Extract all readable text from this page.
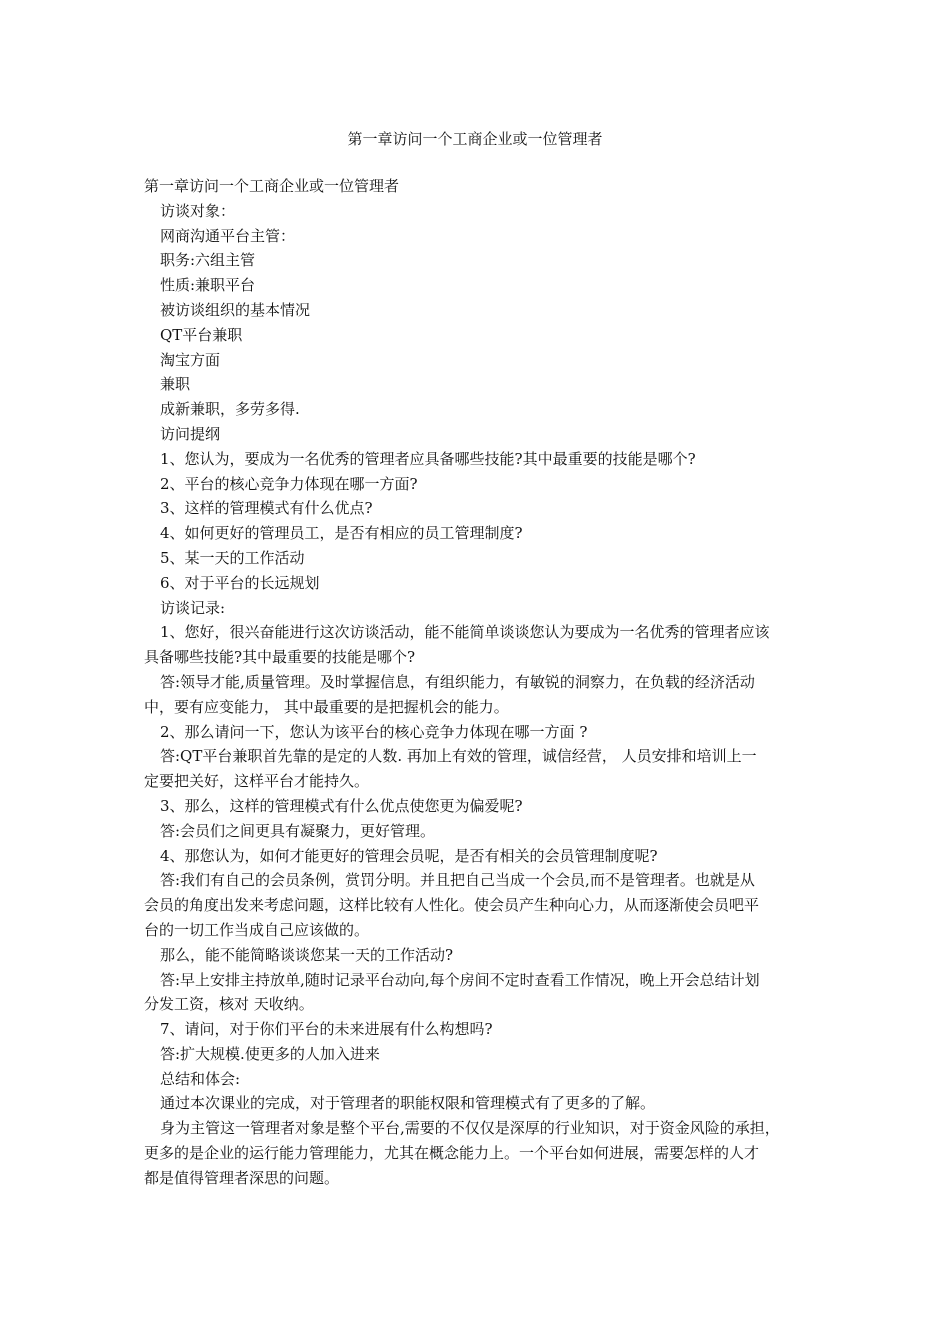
第一章访问一个工商企业或一位管理者
第一章访问一个工商企业或一位管理者
访谈对象：
网商沟通平台主管：
职务:六组主管
性质:兼职平台
被访谈组织的基本情况
QT平台兼职
淘宝方面
兼职
成新兼职，多劳多得.
访问提纲
1、您认为，要成为一名优秀的管理者应具备哪些技能?其中最重要的技能是哪个?
2、平台的核心竞争力体现在哪一方面?
3、这样的管理模式有什么优点?
4、如何更好的管理员工，是否有相应的员工管理制度?
5、某一天的工作活动
6、对于平台的长远规划
访谈记录:
1、您好，很兴奋能进行这次访谈活动，能不能简单谈谈您认为要成为一名优秀的管理者应该
具备哪些技能?其中最重要的技能是哪个?
答:领导才能,质量管理。及时掌握信息，有组织能力，有敏锐的洞察力，在负载的经济活动
中，要有应变能力， 其中最重要的是把握机会的能力。
2、那么请问一下，您认为该平台的核心竞争力体现在哪一方面 ?
答:QT平台兼职首先靠的是定的人数. 再加上有效的管理，诚信经营， 人员安排和培训上一
定要把关好，这样平台才能持久。
3、那么，这样的管理模式有什么优点使您更为偏爱呢?
答:会员们之间更具有凝聚力，更好管理。
4、那您认为，如何才能更好的管理会员呢，是否有相关的会员管理制度呢?
答:我们有自己的会员条例，赏罚分明。并且把自己当成一个会员,而不是管理者。也就是从
会员的角度出发来考虑问题，这样比较有人性化。使会员产生种向心力，从而逐渐使会员吧平
台的一切工作当成自己应该做的。
那么，能不能简略谈谈您某一天的工作活动?
答:早上安排主持放单,随时记录平台动向,每个房间不定时查看工作情况，晚上开会总结计划
分发工资，核对 天收纳。
7、请问，对于你们平台的未来进展有什么构想吗?
答:扩大规模.使更多的人加入进来
总结和体会:
通过本次课业的完成，对于管理者的职能权限和管理模式有了更多的了解。
身为主管这一管理者对象是整个平台,需要的不仅仅是深厚的行业知识，对于资金风险的承担，
更多的是企业的运行能力管理能力，尤其在概念能力上。一个平台如何进展，需要怎样的人才
都是值得管理者深思的问题。
